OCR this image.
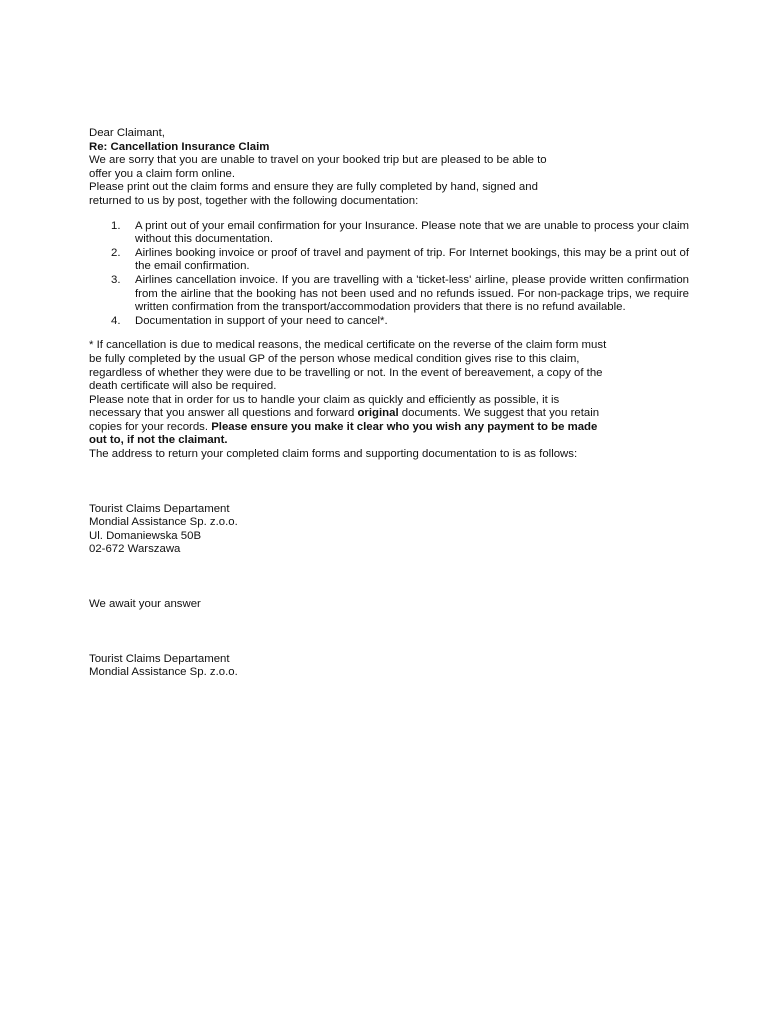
Dear Claimant,
Re: Cancellation Insurance Claim
We are sorry that you are unable to travel on your booked trip but are pleased to be able to
offer you a claim form online.
Please print out the claim forms and ensure they are fully completed by hand, signed and
returned to us by post, together with the following documentation:
1. A print out of your email confirmation for your Insurance. Please note that we are unable to process your claim without this documentation.
2. Airlines booking invoice or proof of travel and payment of trip. For Internet bookings, this may be a print out of the email confirmation.
3. Airlines cancellation invoice. If you are travelling with a 'ticket-less' airline, please provide written confirmation from the airline that the booking has not been used and no refunds issued. For non-package trips, we require written confirmation from the transport/accommodation providers that there is no refund available.
4. Documentation in support of your need to cancel*.

* If cancellation is due to medical reasons, the medical certificate on the reverse of the claim form must be fully completed by the usual GP of the person whose medical condition gives rise to this claim, regardless of whether they were due to be travelling or not. In the event of bereavement, a copy of the death certificate will also be required.

Please note that in order for us to handle your claim as quickly and efficiently as possible, it is necessary that you answer all questions and forward original documents. We suggest that you retain copies for your records. Please ensure you make it clear who you wish any payment to be made out to, if not the claimant.

The address to return your completed claim forms and supporting documentation to is as follows:

Tourist Claims Departament
Mondial Assistance Sp. z.o.o.
Ul. Domaniewska 50B
02-672 Warszawa
We await your answer
Tourist Claims Departament
Mondial Assistance Sp. z.o.o.
